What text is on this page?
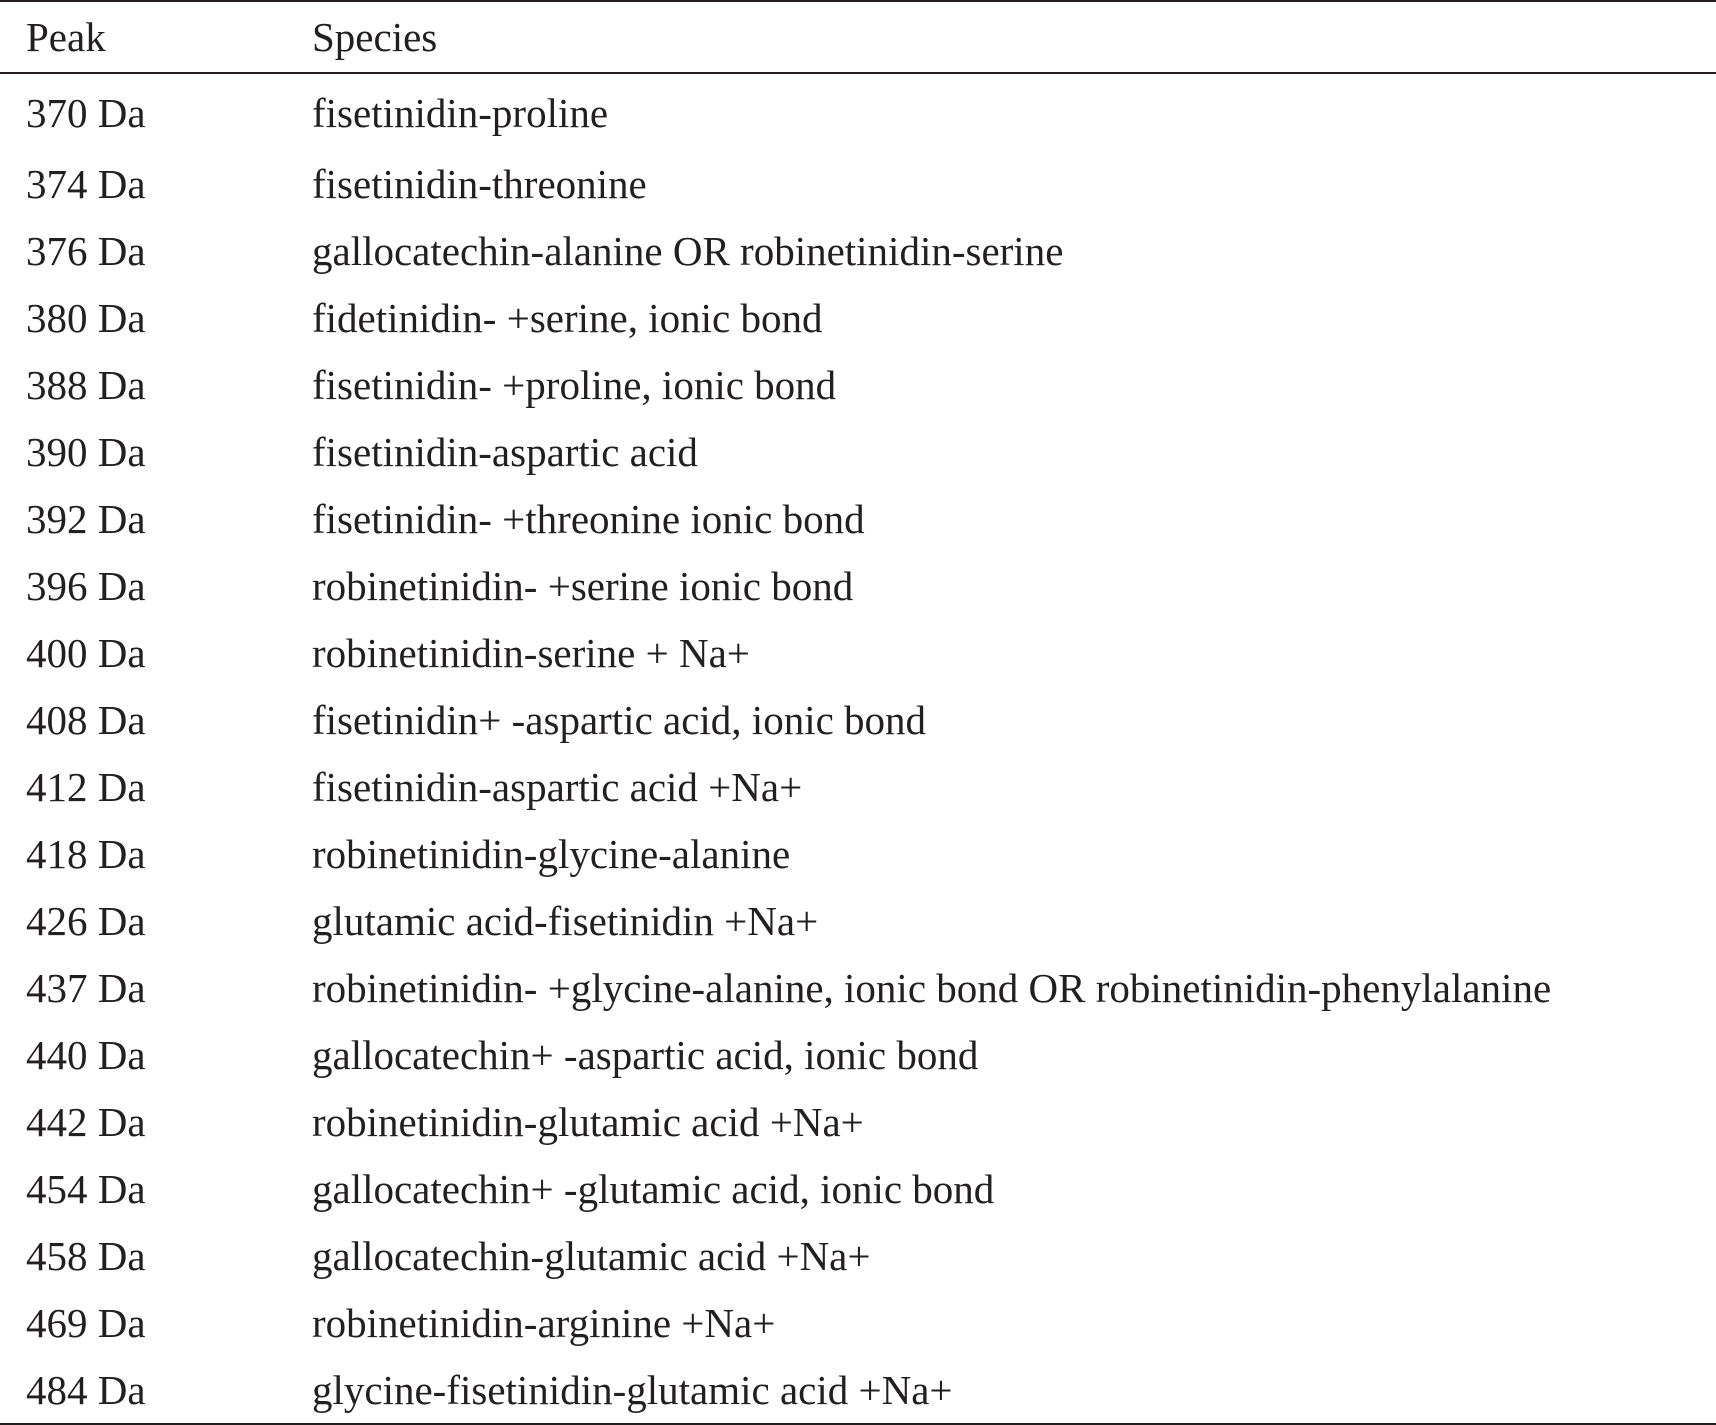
Peak	Species
370 Da	fisetinidin-proline
374 Da	fisetinidin-threonine
376 Da	gallocatechin-alanine OR robinetinidin-serine
380 Da	fidetinidin- +serine, ionic bond
388 Da	fisetinidin- +proline, ionic bond
390 Da	fisetinidin-aspartic acid
392 Da	fisetinidin- +threonine ionic bond
396 Da	robinetinidin- +serine ionic bond
400 Da	robinetinidin-serine + Na+
408 Da	fisetinidin+ -aspartic acid, ionic bond
412 Da	fisetinidin-aspartic acid +Na+
418 Da	robinetinidin-glycine-alanine
426 Da	glutamic acid-fisetinidin +Na+
437 Da	robinetinidin- +glycine-alanine, ionic bond OR robinetinidin-phenylalanine
440 Da	gallocatechin+ -aspartic acid, ionic bond
442 Da	robinetinidin-glutamic acid +Na+
454 Da	gallocatechin+ -glutamic acid, ionic bond
458 Da	gallocatechin-glutamic acid +Na+
469 Da	robinetinidin-arginine +Na+
484 Da	glycine-fisetinidin-glutamic acid +Na+
